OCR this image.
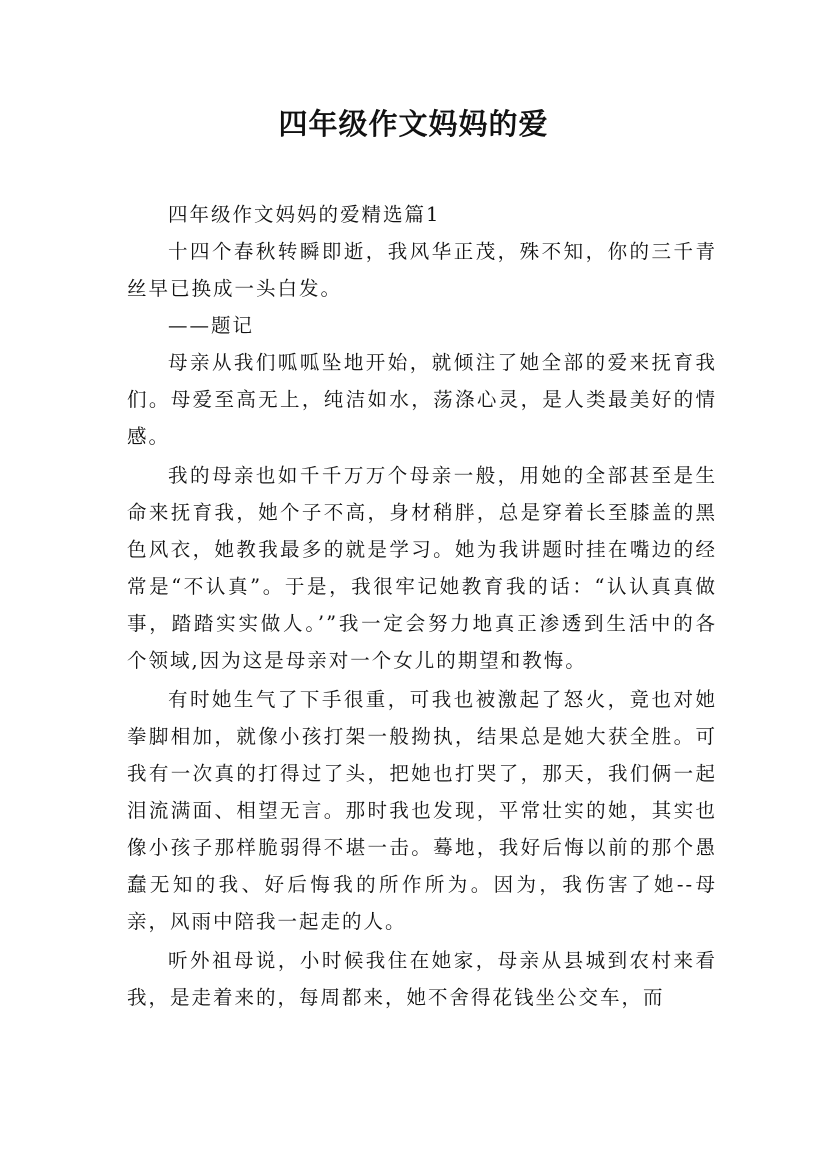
四年级作文妈妈的爱

四年级作文妈妈的爱精选篇1

十四个春秋转瞬即逝，我风华正茂，殊不知，你的三千青丝早已换成一头白发。

——题记

母亲从我们呱呱坠地开始，就倾注了她全部的爱来抚育我们。母爱至高无上，纯洁如水，荡涤心灵，是人类最美好的情感。

我的母亲也如千千万万个母亲一般，用她的全部甚至是生命来抚育我，她个子不高，身材稍胖，总是穿着长至膝盖的黑色风衣，她教我最多的就是学习。她为我讲题时挂在嘴边的经常是“不认真”。于是，我很牢记她教育我的话：“认认真真做事，踏踏实实做人。’”我一定会努力地真正渗透到生活中的各个领域,因为这是母亲对一个女儿的期望和教悔。

有时她生气了下手很重，可我也被激起了怒火，竟也对她拳脚相加，就像小孩打架一般拗执，结果总是她大获全胜。可我有一次真的打得过了头，把她也打哭了，那天，我们俩一起泪流满面、相望无言。那时我也发现，平常壮实的她，其实也像小孩子那样脆弱得不堪一击。蓦地，我好后悔以前的那个愚蠢无知的我、好后悔我的所作所为。因为，我伤害了她--母亲，风雨中陪我一起走的人。

听外祖母说，小时候我住在她家，母亲从县城到农村来看我，是走着来的，每周都来，她不舍得花钱坐公交车，而
